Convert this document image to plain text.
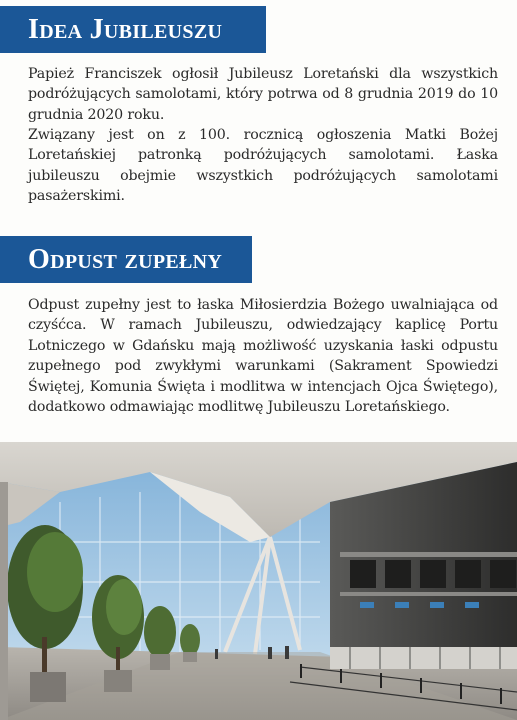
Idea Jubileuszu

Papież Franciszek ogłosił Jubileusz Loretański dla wszystkich podróżujących samolotami, który potrwa od 8 grudnia 2019 do 10 grudnia 2020 roku.

Związany jest on z 100. rocznicą ogłoszenia Matki Bożej Loretańskiej patronką podróżujących samolotami. Łaska jubileuszu obejmie wszystkich podróżujących samolotami pasażerskimi.

Odpust zupełny

Odpust zupełny jest to łaska Miłosierdzia Bożego uwalniająca od czyśćca. W ramach Jubileuszu, odwiedzający kaplicę Portu Lotniczego w Gdańsku mają możliwość uzyskania łaski odpustu zupełnego pod zwykłymi warunkami (Sakrament Spowiedzi Świętej, Komunia Święta i modlitwa w intencjach Ojca Świętego), dodatkowo odmawiając modlitwę Jubileuszu Loretańskiego.
